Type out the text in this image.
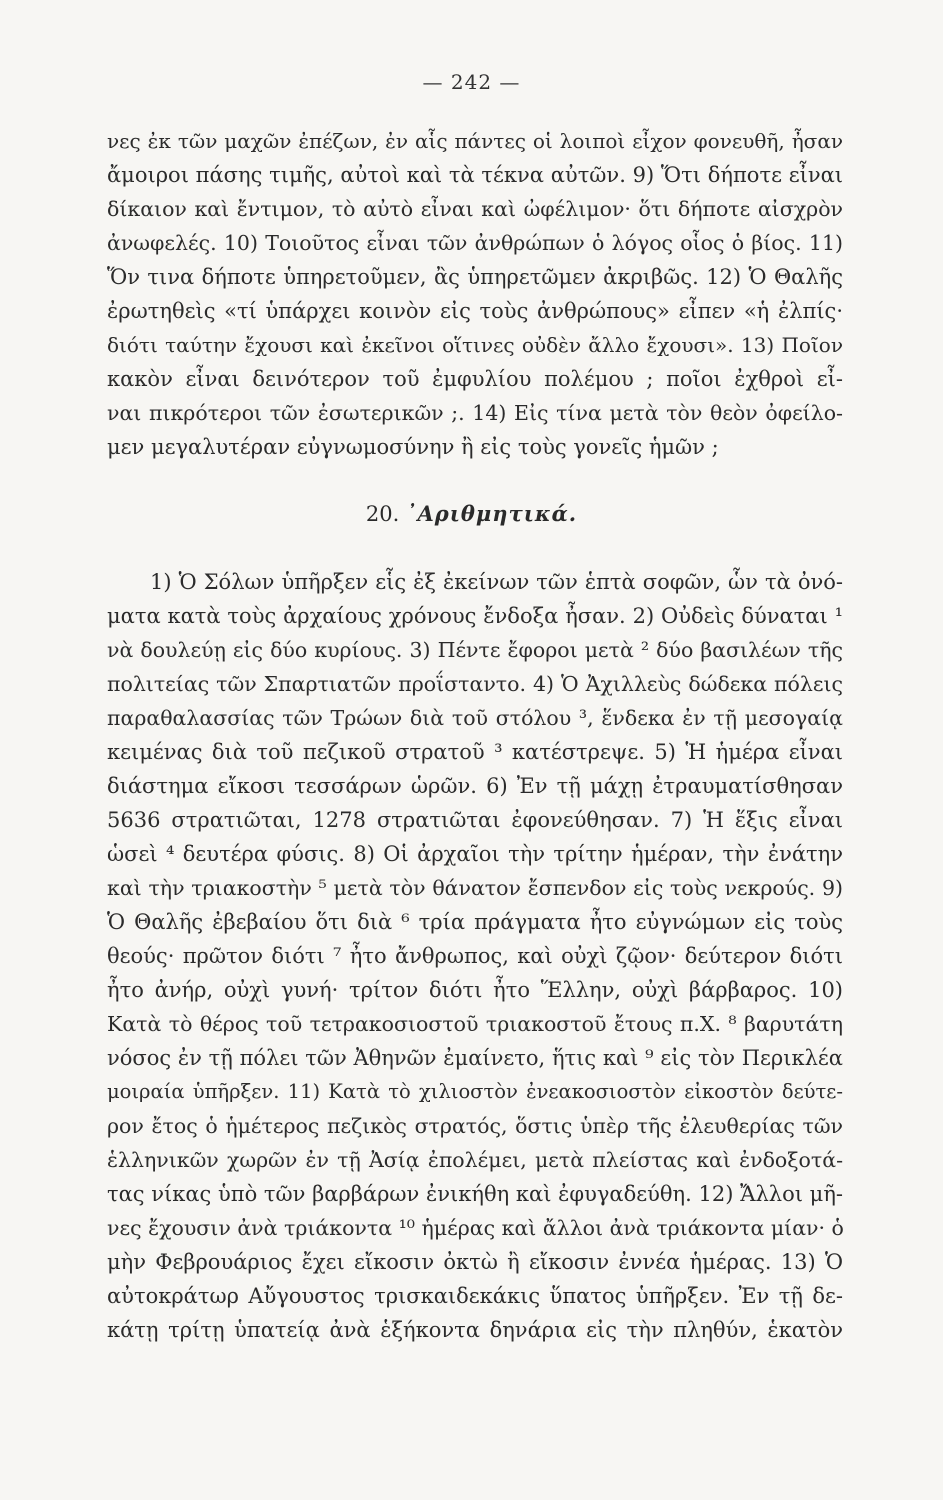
— 242 —
νες ἐκ τῶν μαχῶν ἐπέζων, ἐν αἷς πάντες οἱ λοιποὶ εἶχον φονευθῆ, ἦσαν
ἄμοιροι πάσης τιμῆς, αὐτοὶ καὶ τὰ τέκνα αὐτῶν. 9) Ὅτι δήποτε εἶναι
δίκαιον καὶ ἔντιμον, τὸ αὐτὸ εἶναι καὶ ὠφέλιμον· ὅτι δήποτε αἰσχρὸν
ἀνωφελές. 10) Τοιοῦτος εἶναι τῶν ἀνθρώπων ὁ λόγος οἷος ὁ βίος. 11)
Ὅν τινα δήποτε ὑπηρετοῦμεν, ἂς ὑπηρετῶμεν ἀκριβῶς. 12) Ὁ Θαλῆς
ἐρωτηθεὶς «τί ὑπάρχει κοινὸν εἰς τοὺς ἀνθρώπους» εἶπεν «ἡ ἐλπίς·
διότι ταύτην ἔχουσι καὶ ἐκεῖνοι οἵτινες οὐδὲν ἄλλο ἔχουσι». 13) Ποῖον
κακὸν εἶναι δεινότερον τοῦ ἐμφυλίου πολέμου ; ποῖοι ἐχθροὶ εἶ-
ναι πικρότεροι τῶν ἐσωτερικῶν ;. 14) Εἰς τίνα μετὰ τὸν θεὸν ὀφείλο-
μεν μεγαλυτέραν εὐγνωμοσύνην ἢ εἰς τοὺς γονεῖς ἡμῶν ;
20. ᾿Αριθμητικά.
1) Ὁ Σόλων ὑπῆρξεν εἷς ἐξ ἐκείνων τῶν ἑπτὰ σοφῶν, ὧν τὰ ὀνό-
ματα κατὰ τοὺς ἀρχαίους χρόνους ἔνδοξα ἦσαν. 2) Οὐδεὶς δύναται ¹
νὰ δουλεύῃ εἰς δύο κυρίους. 3) Πέντε ἔφοροι μετὰ ² δύο βασιλέων τῆς
πολιτείας τῶν Σπαρτιατῶν προΐσταντο. 4) Ὁ Ἀχιλλεὺς δώδεκα πόλεις
παραθαλασσίας τῶν Τρώων διὰ τοῦ στόλου ³, ἕνδεκα ἐν τῇ μεσογαίᾳ
κειμένας διὰ τοῦ πεζικοῦ στρατοῦ ³ κατέστρεψε. 5) Ἡ ἡμέρα εἶναι
διάστημα εἴκοσι τεσσάρων ὡρῶν. 6) Ἐν τῇ μάχῃ ἐτραυματίσθησαν
5636 στρατιῶται, 1278 στρατιῶται ἐφονεύθησαν. 7) Ἡ ἕξις εἶναι
ὡσεὶ ⁴ δευτέρα φύσις. 8) Οἱ ἀρχαῖοι τὴν τρίτην ἡμέραν, τὴν ἐνάτην
καὶ τὴν τριακοστὴν ⁵ μετὰ τὸν θάνατον ἔσπενδον εἰς τοὺς νεκρούς. 9)
Ὁ Θαλῆς ἐβεβαίου ὅτι διὰ ⁶ τρία πράγματα ἦτο εὐγνώμων εἰς τοὺς
θεούς· πρῶτον διότι ⁷ ἦτο ἄνθρωπος, καὶ οὐχὶ ζῷον· δεύτερον διότι
ἦτο ἀνήρ, οὐχὶ γυνή· τρίτον διότι ἦτο Ἕλλην, οὐχὶ βάρβαρος. 10)
Κατὰ τὸ θέρος τοῦ τετρακοσιοστοῦ τριακοστοῦ ἔτους π.Χ. ⁸ βαρυτάτη
νόσος ἐν τῇ πόλει τῶν Ἀθηνῶν ἐμαίνετο, ἥτις καὶ ⁹ εἰς τὸν Περικλέα
μοιραία ὑπῆρξεν. 11) Κατὰ τὸ χιλιοστὸν ἐνεακοσιοστὸν εἰκοστὸν δεύτε-
ρον ἔτος ὁ ἡμέτερος πεζικὸς στρατός, ὅστις ὑπὲρ τῆς ἐλευθερίας τῶν
ἑλληνικῶν χωρῶν ἐν τῇ Ἀσίᾳ ἐπολέμει, μετὰ πλείστας καὶ ἐνδοξοτά-
τας νίκας ὑπὸ τῶν βαρβάρων ἐνικήθη καὶ ἐφυγαδεύθη. 12) Ἄλλοι μῆ-
νες ἔχουσιν ἀνὰ τριάκοντα ¹⁰ ἡμέρας καὶ ἄλλοι ἀνὰ τριάκοντα μίαν· ὁ
μὴν Φεβρουάριος ἔχει εἴκοσιν ὀκτὼ ἢ εἴκοσιν ἐννέα ἡμέρας. 13) Ὁ
αὐτοκράτωρ Αὔγουστος τρισκαιδεκάκις ὕπατος ὑπῆρξεν. Ἐν τῇ δε-
κάτῃ τρίτῃ ὑπατείᾳ ἀνὰ ἑξήκοντα δηνάρια εἰς τὴν πληθύν, ἑκατὸν
